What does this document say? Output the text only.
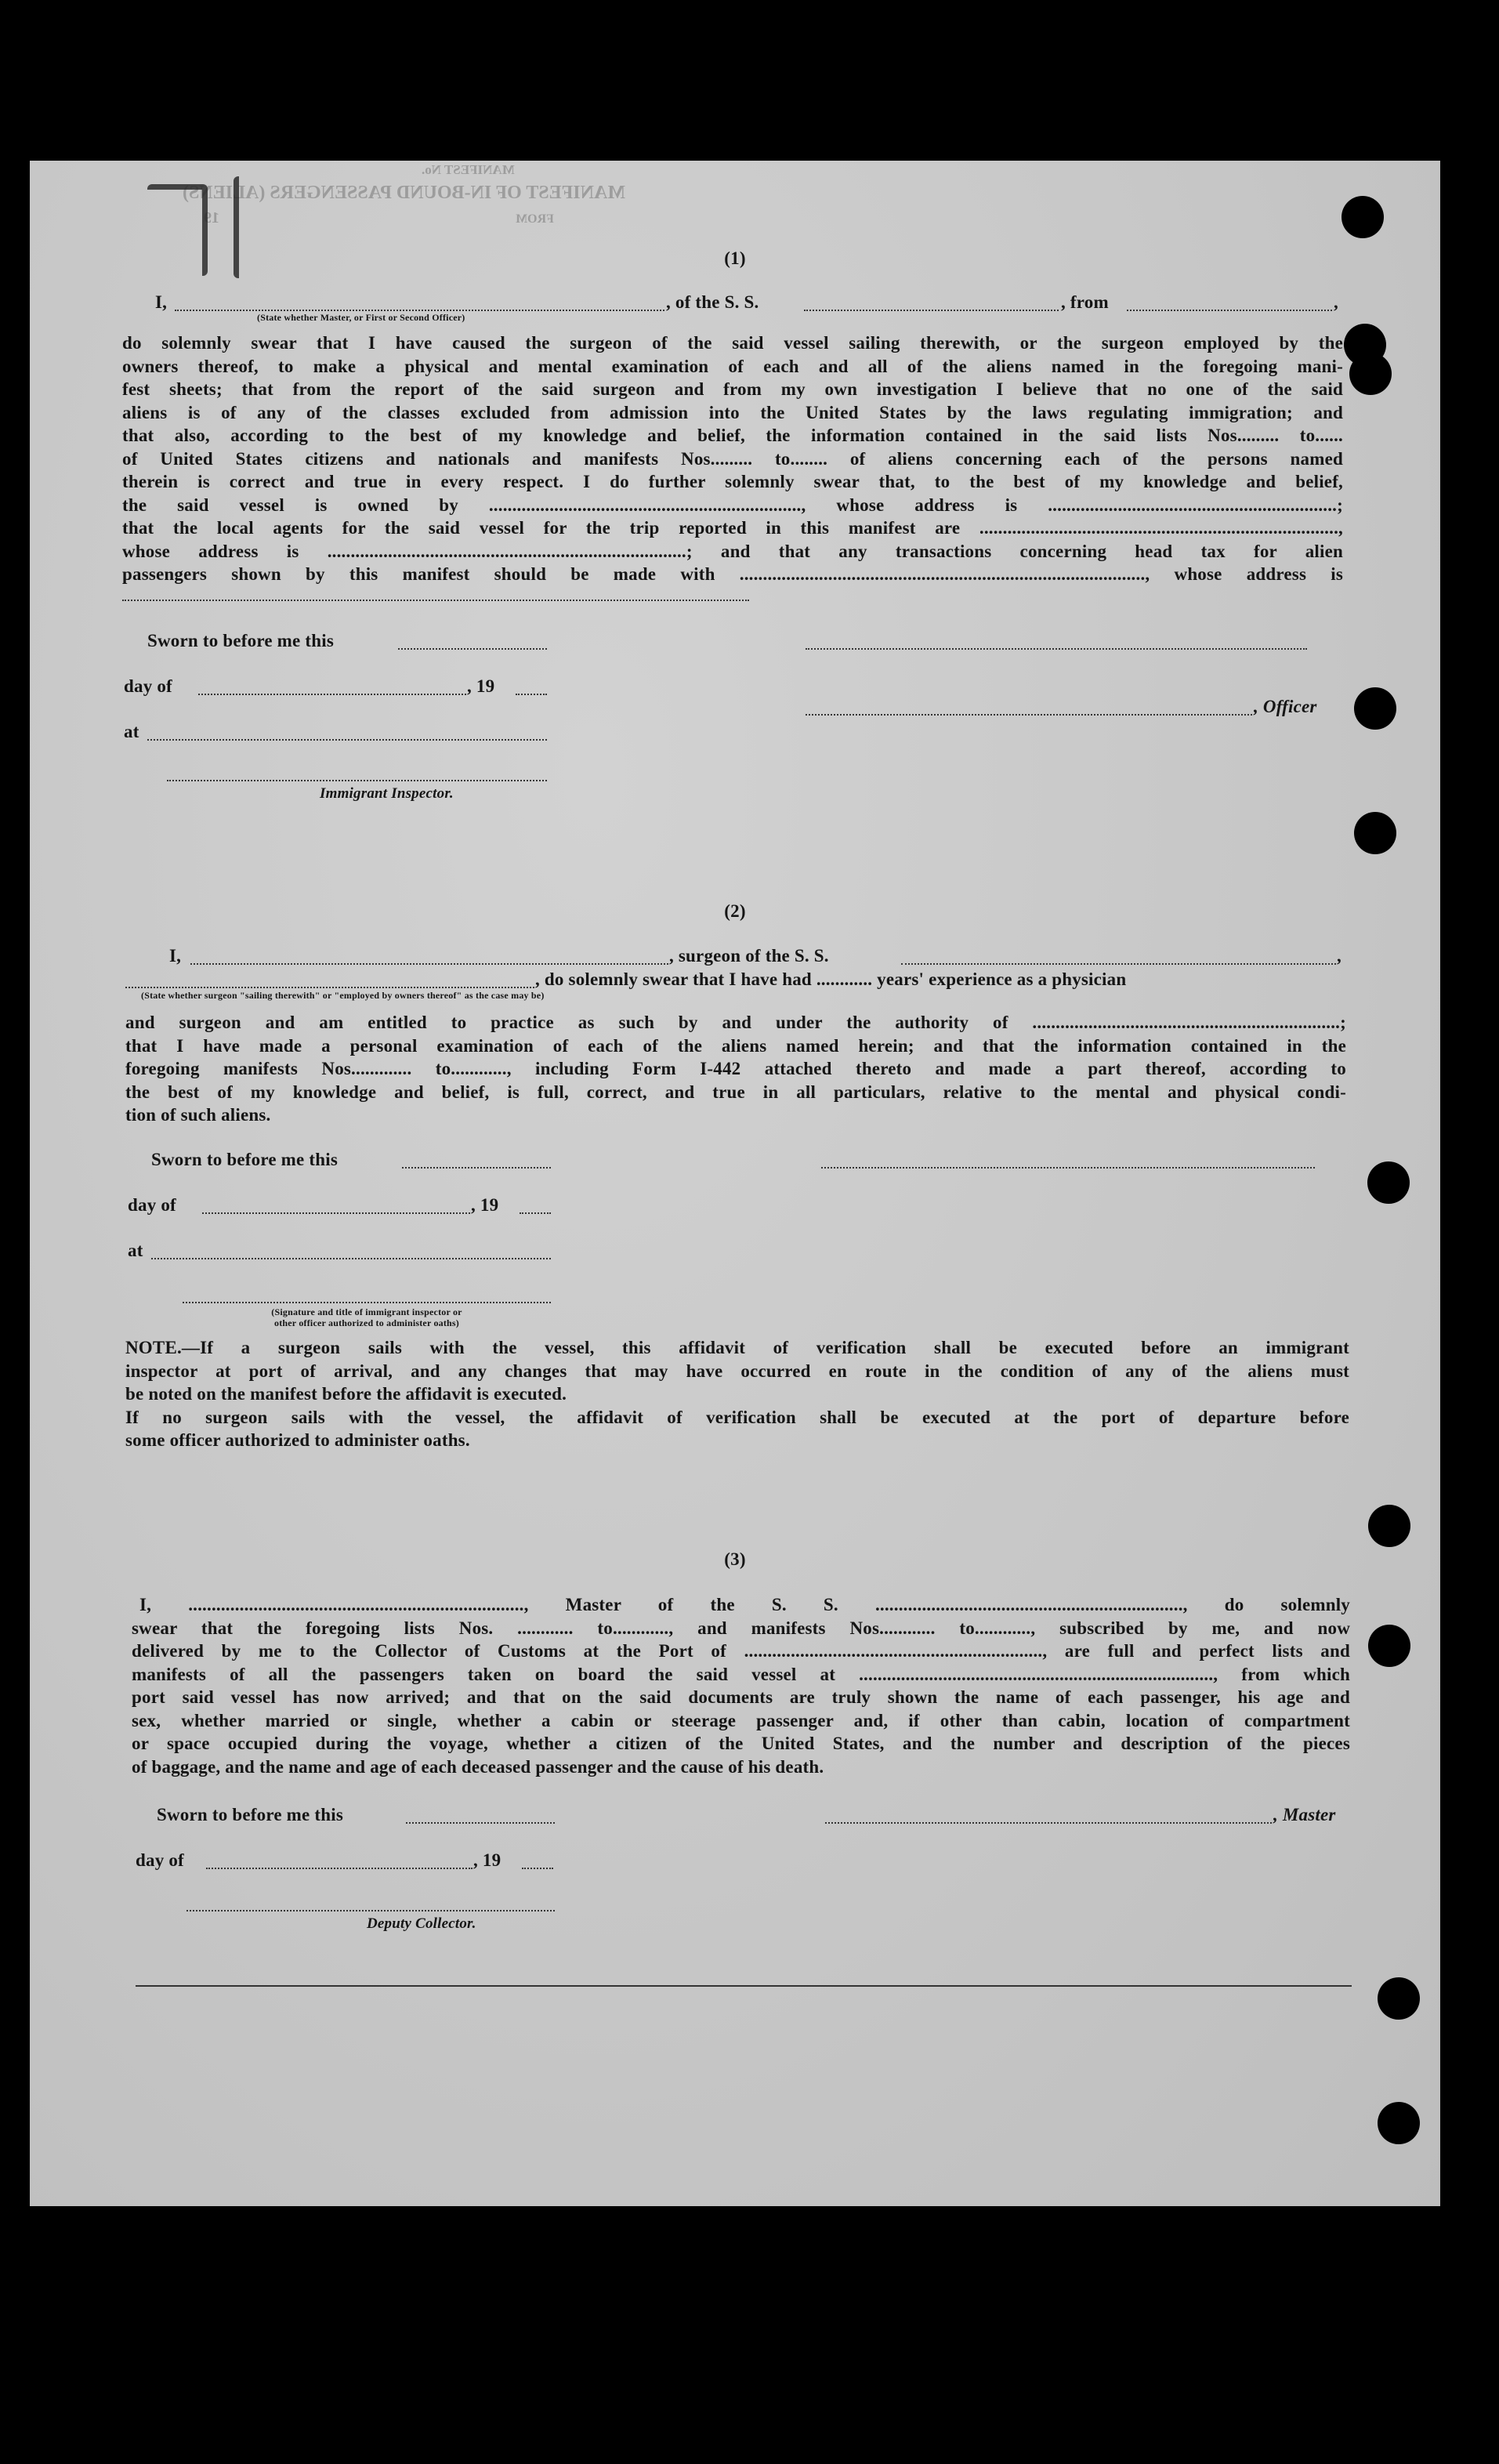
MANIFEST No.
MANIFEST OF IN-BOUND PASSENGERS (ALIENS)
FROM
19
(1)
I,	, of the S. S.	, from	,
(State whether Master, or First or Second Officer)
do solemnly swear that I have caused the surgeon of the said vessel sailing therewith, or the surgeon employed by the
owners thereof, to make a physical and mental examination of each and all of the aliens named in the foregoing mani-
fest sheets; that from the report of the said surgeon and from my own investigation I believe that no one of the said
aliens is of any of the classes excluded from admission into the United States by the laws regulating immigration; and
that also, according to the best of my knowledge and belief, the information contained in the said lists Nos......... to......
of United States citizens and nationals and manifests Nos......... to........ of aliens concerning each of the persons named
therein is correct and true in every respect. I do further solemnly swear that, to the best of my knowledge and belief,
the said vessel is owned by ..................................................................., whose address is ..............................................................;
that the local agents for the said vessel for the trip reported in this manifest are .............................................................................,
whose address is .............................................................................; and that any transactions concerning head tax for alien
passengers shown by this manifest should be made with ......................................................................................., whose address is
Sworn to before me this
day of	, 19
, Officer
at
Immigrant Inspector.
(2)
I,	, surgeon of the S. S.	,
, do solemnly swear that I have had ............ years' experience as a physician
(State whether surgeon "sailing therewith" or "employed by owners thereof" as the case may be)
and surgeon and am entitled to practice as such by and under the authority of ..................................................................;
that I have made a personal examination of each of the aliens named herein; and that the information contained in the
foregoing manifests Nos............. to............, including Form I-442 attached thereto and made a part thereof, according to
the best of my knowledge and belief, is full, correct, and true in all particulars, relative to the mental and physical condi-
tion of such aliens.
Sworn to before me this
day of	, 19
at
(Signature and title of immigrant inspector or
other officer authorized to administer oaths)
NOTE.—If a surgeon sails with the vessel, this affidavit of verification shall be executed before an immigrant
inspector at port of arrival, and any changes that may have occurred en route in the condition of any of the aliens must
be noted on the manifest before the affidavit is executed.
If no surgeon sails with the vessel, the affidavit of verification shall be executed at the port of departure before
some officer authorized to administer oaths.
(3)
I, ........................................................................, Master of the S. S. .................................................................., do solemnly
swear that the foregoing lists Nos. ............ to............, and manifests Nos............ to............, subscribed by me, and now
delivered by me to the Collector of Customs at the Port of ................................................................, are full and perfect lists and
manifests of all the passengers taken on board the said vessel at ............................................................................, from which
port said vessel has now arrived; and that on the said documents are truly shown the name of each passenger, his age and
sex, whether married or single, whether a cabin or steerage passenger and, if other than cabin, location of compartment
or space occupied during the voyage, whether a citizen of the United States, and the number and description of the pieces
of baggage, and the name and age of each deceased passenger and the cause of his death.
Sworn to before me this	, Master
day of	, 19
Deputy Collector.
